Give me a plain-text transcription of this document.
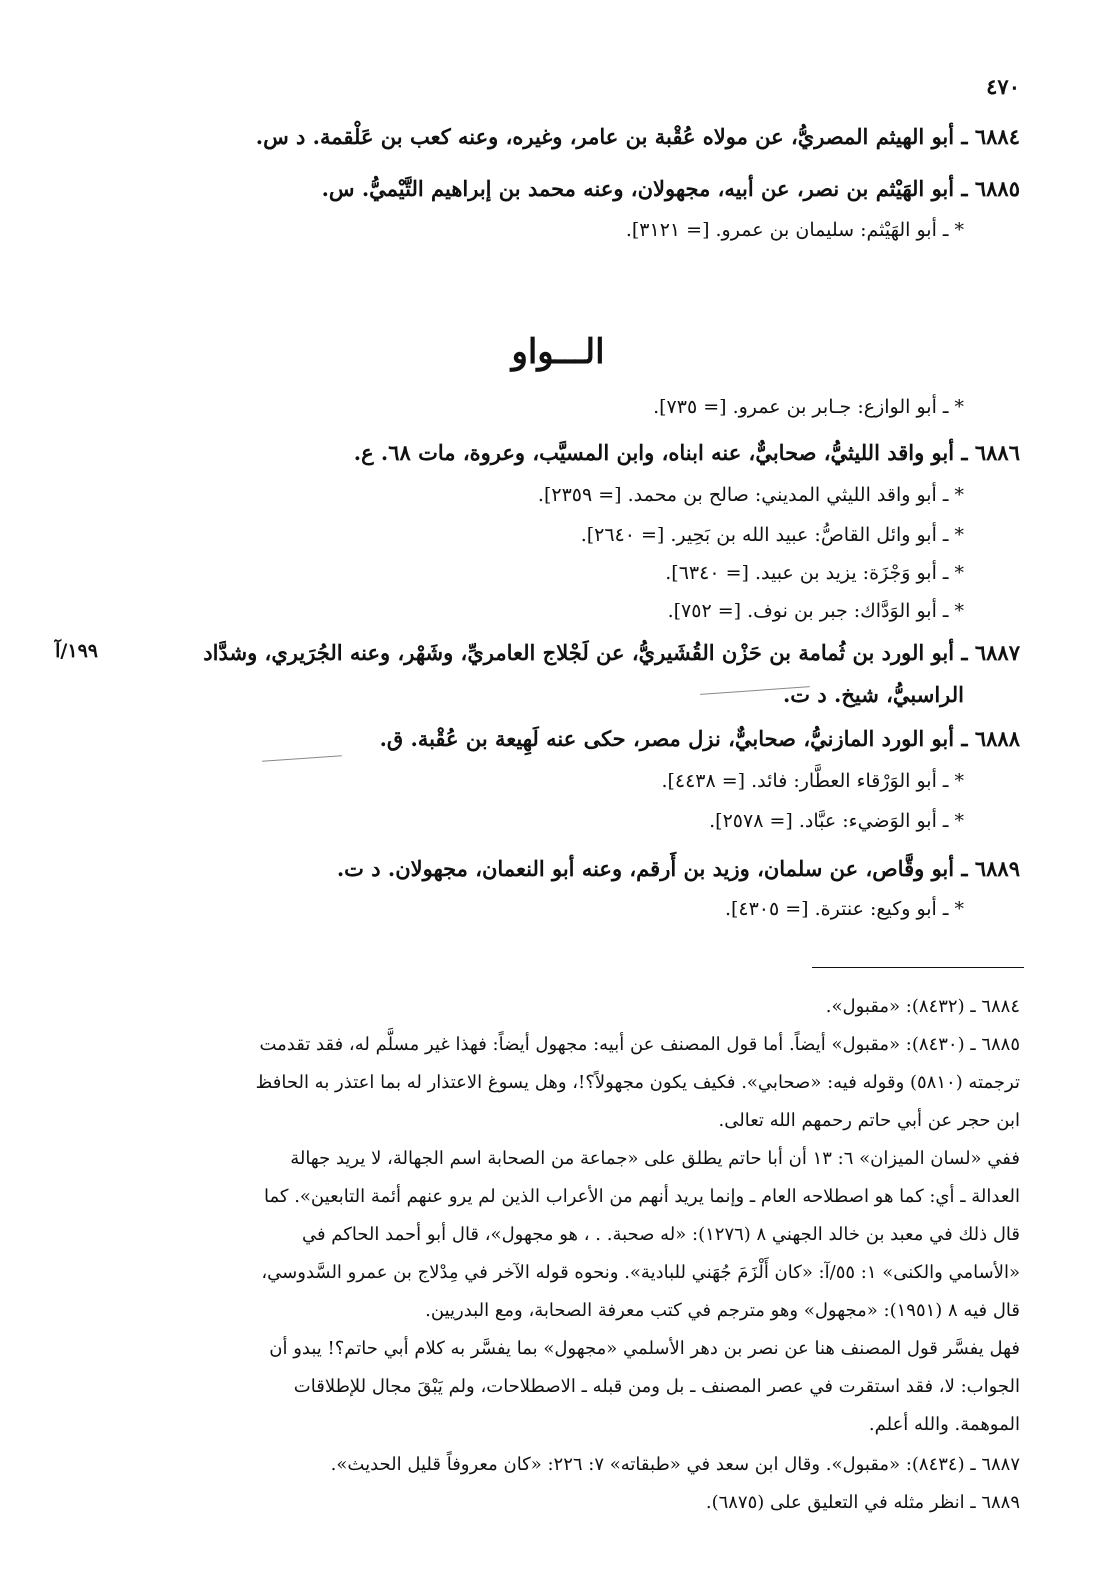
٤٧٠
٦٨٨٤ ـ أبو الهيثم المصريُّ، عن مولاه عُقْبة بن عامر، وغيره، وعنه كعب بن عَلْقمة. د س.
٦٨٨٥ ـ أبو الهَيْثم بن نصر، عن أبيه، مجهولان، وعنه محمد بن إبراهيم التَّيْميُّ. س.
* ـ أبو الهَيْثم: سليمان بن عمرو. [= ٣١٢١].
الـــواو
* ـ أبو الوازع: جـابر بن عمرو. [= ٧٣٥].
٦٨٨٦ ـ أبو واقد الليثيُّ، صحابيٌّ، عنه ابناه، وابن المسيَّب، وعروة، مات ٦٨. ع.
* ـ أبو واقد الليثي المديني: صالح بن محمد. [= ٢٣٥٩].
* ـ أبو وائل القاصُّ: عبيد الله بن بَحِير. [= ٢٦٤٠].
* ـ أبو وَجْزَة: يزيد بن عبيد. [= ٦٣٤٠].
* ـ أبو الوَدَّاك: جبر بن نوف. [= ٧٥٢].
١٩٩/آ	٦٨٨٧ ـ أبو الورد بن ثُمامة بن حَزْن القُشَيريُّ، عن لَجْلاج العامريِّ، وشَهْر، وعنه الجُرَيري، وشدَّاد
الراسبيُّ، شيخ. د ت.
٦٨٨٨ ـ أبو الورد المازنيُّ، صحابيٌّ، نزل مصر، حكى عنه لَهِيعة بن عُقْبة. ق.
* ـ أبو الوَرْقاء العطَّار: فائد. [= ٤٤٣٨].
* ـ أبو الوَضيء: عبَّاد. [= ٢٥٧٨].
٦٨٨٩ ـ أبو وقَّاص، عن سلمان، وزيد بن أَرقم، وعنه أبو النعمان، مجهولان. د ت.
* ـ أبو وكيع: عنترة. [= ٤٣٠٥].
٦٨٨٤ ـ (٨٤٣٢): «مقبول».
٦٨٨٥ ـ (٨٤٣٠): «مقبول» أيضاً. أما قول المصنف عن أبيه: مجهول أيضاً: فهذا غير مسلَّم له، فقد تقدمت
ترجمته (٥٨١٠) وقوله فيه: «صحابي». فكيف يكون مجهولاً؟!، وهل يسوغ الاعتذار له بما اعتذر به الحافظ
ابن حجر عن أبي حاتم رحمهم الله تعالى.
ففي «لسان الميزان» ٦: ١٣ أن أبا حاتم يطلق على «جماعة من الصحابة اسم الجهالة، لا يريد جهالة
العدالة ـ أي: كما هو اصطلاحه العام ـ وإنما يريد أنهم من الأعراب الذين لم يرو عنهم أئمة التابعين». كما
قال ذلك في معبد بن خالد الجهني ٨ (١٢٧٦): «له صحبة. . ، هو مجهول»، قال أبو أحمد الحاكم في
«الأسامي والكنى» ١: ٥٥/آ: «كان أَلْزَمَ جُهَني للبادية». ونحوه قوله الآخر في مِدْلاج بن عمرو السَّدوسي،
قال فيه ٨ (١٩٥١): «مجهول» وهو مترجم في كتب معرفة الصحابة، ومع البدريين.
فهل يفسَّر قول المصنف هنا عن نصر بن دهر الأسلمي «مجهول» بما يفسَّر به كلام أبي حاتم؟! يبدو أن
الجواب: لا، فقد استقرت في عصر المصنف ـ بل ومن قبله ـ الاصطلاحات، ولم يَبْقَ مجال للإطلاقات
الموهمة. والله أعلم.
٦٨٨٧ ـ (٨٤٣٤): «مقبول». وقال ابن سعد في «طبقاته» ٧: ٢٢٦: «كان معروفاً قليل الحديث».
٦٨٨٩ ـ انظر مثله في التعليق على (٦٨٧٥).
